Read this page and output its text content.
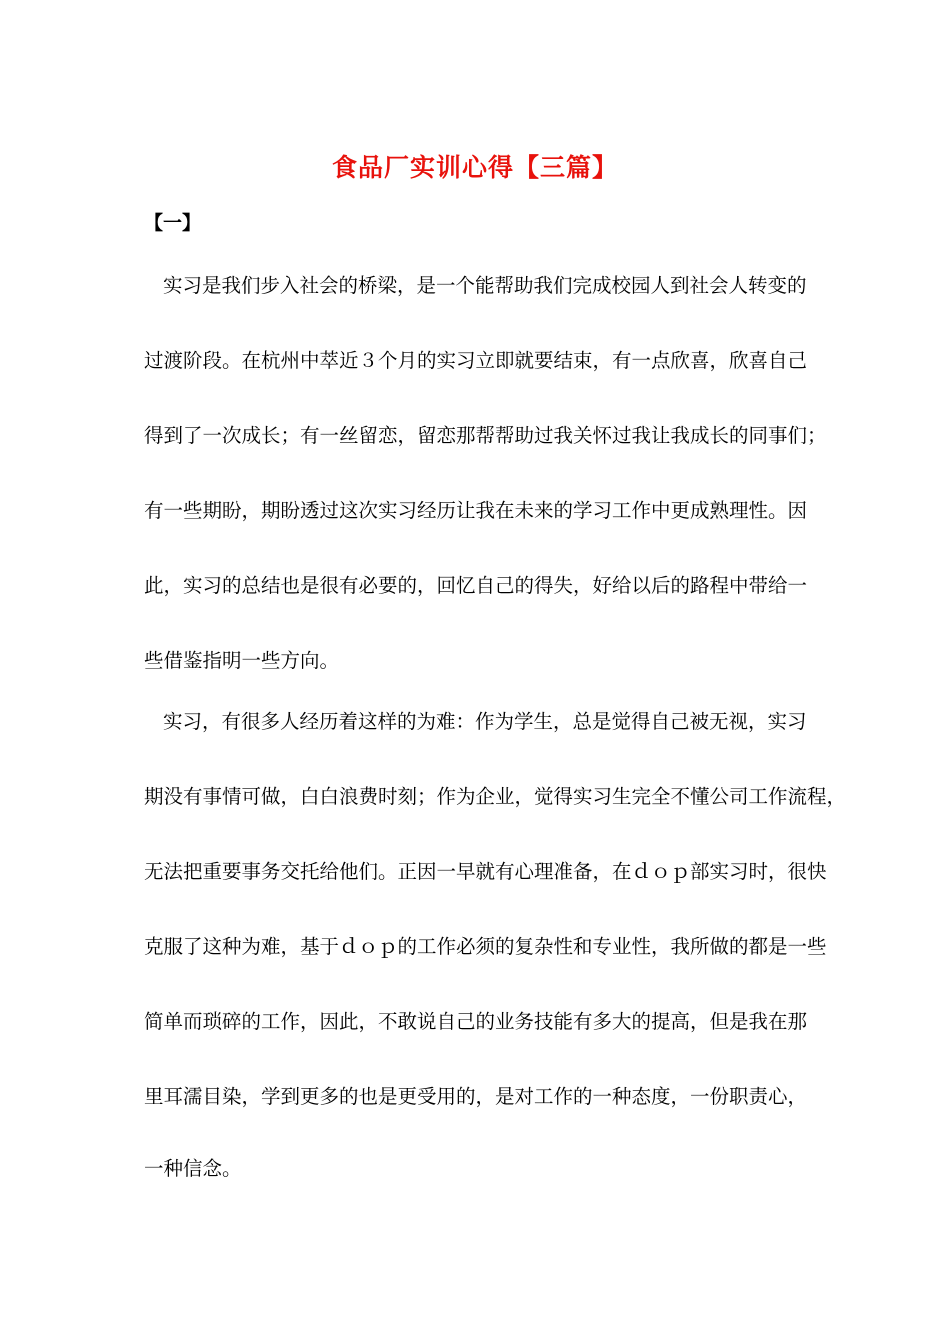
食品厂实训心得【三篇】
【一】

实习是我们步入社会的桥梁，是一个能帮助我们完成校园人到社会人转变的

过渡阶段。在杭州中萃近３个月的实习立即就要结束，有一点欣喜，欣喜自己

得到了一次成长；有一丝留恋，留恋那帮帮助过我关怀过我让我成长的同事们；

有一些期盼，期盼透过这次实习经历让我在未来的学习工作中更成熟理性。因

此，实习的总结也是很有必要的，回忆自己的得失，好给以后的路程中带给一

些借鉴指明一些方向。

实习，有很多人经历着这样的为难：作为学生，总是觉得自己被无视，实习

期没有事情可做，白白浪费时刻；作为企业，觉得实习生完全不懂公司工作流程，

无法把重要事务交托给他们。正因一早就有心理准备，在ｄｏｐ部实习时，很快

克服了这种为难，基于ｄｏｐ的工作必须的复杂性和专业性，我所做的都是一些

简单而琐碎的工作，因此，不敢说自己的业务技能有多大的提高，但是我在那

里耳濡目染，学到更多的也是更受用的，是对工作的一种态度，一份职责心，

一种信念。
